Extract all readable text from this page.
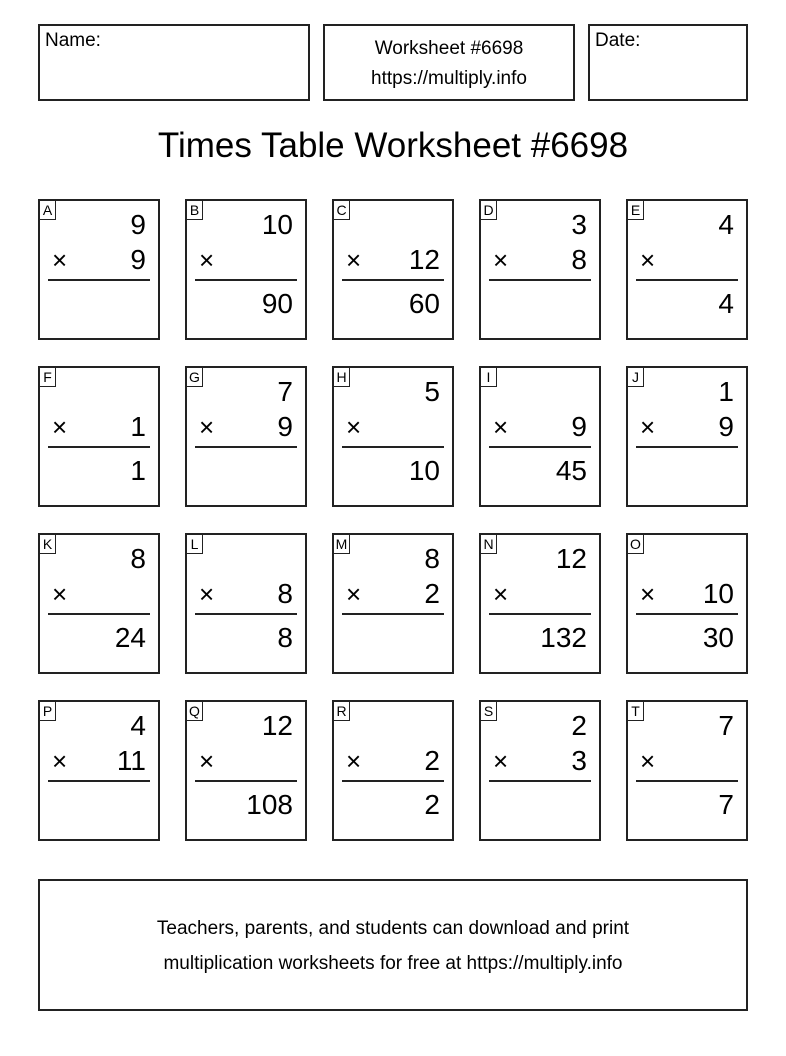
Name:	Worksheet #6698
https://multiply.info
Date:
Times Table Worksheet #6698
A	9
× 9
B 10
×
90
C
× 12
60
D	3
× 8
E	4
×
4
F
× 1
1
G	7
× 9
H	5
×
10
I
× 9
45
J	1
× 9
K	8
×
24
L
× 8
8
M	8
× 2
N 12
×
132
O
× 10
30
P	4
× 11
Q 12
×
108
R
× 2
2
S	2
× 3
T	7
×
7
Teachers, parents, and students can download and print
multiplication worksheets for free at https://multiply.info
